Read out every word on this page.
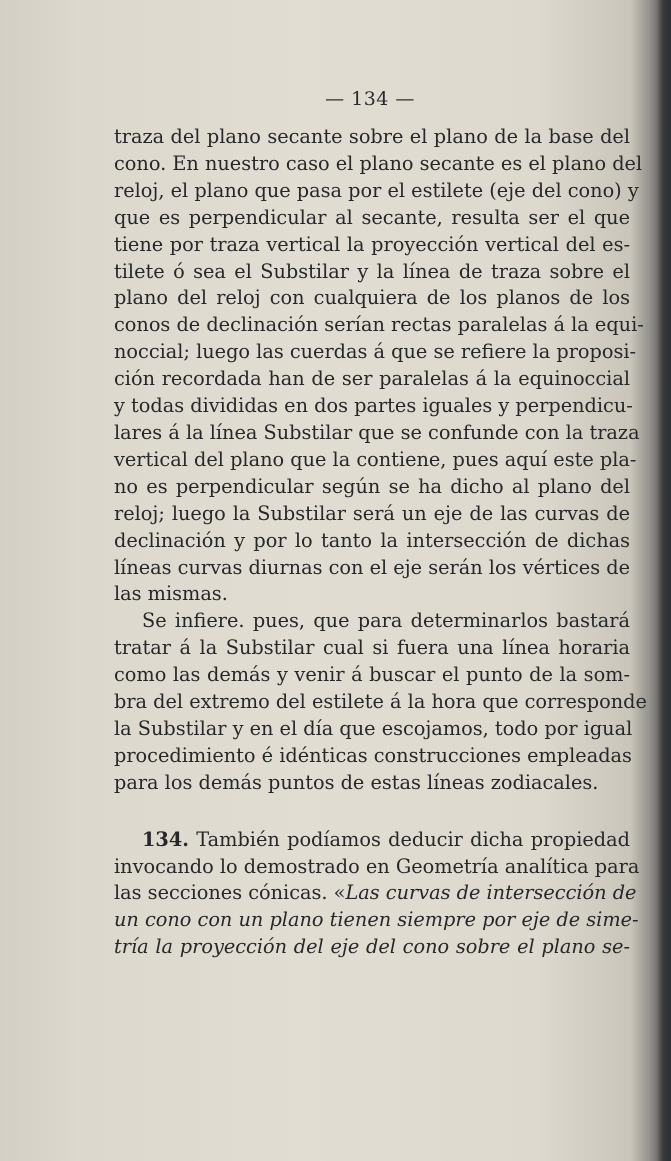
— 134 —
traza del plano secante sobre el plano de la base del
cono. En nuestro caso el plano secante es el plano del
reloj, el plano que pasa por el estilete (eje del cono) y
que es perpendicular al secante, resulta ser el que
tiene por traza vertical la proyección vertical del es-
tilete ó sea el Substilar y la línea de traza sobre el
plano del reloj con cualquiera de los planos de los
conos de declinación serían rectas paralelas á la equi-
noccial; luego las cuerdas á que se refiere la proposi-
ción recordada han de ser paralelas á la equinoccial
y todas divididas en dos partes iguales y perpendicu-
lares á la línea Substilar que se confunde con la traza
vertical del plano que la contiene, pues aquí este pla-
no es perpendicular según se ha dicho al plano del
reloj; luego la Substilar será un eje de las curvas de
declinación y por lo tanto la intersección de dichas
líneas curvas diurnas con el eje serán los vértices de
las mismas.
Se infiere. pues, que para determinarlos bastará
tratar á la Substilar cual si fuera una línea horaria
como las demás y venir á buscar el punto de la som-
bra del extremo del estilete á la hora que corresponde
la Substilar y en el día que escojamos, todo por igual
procedimiento é idénticas construcciones empleadas
para los demás puntos de estas líneas zodiacales.
134. También podíamos deducir dicha propiedad
invocando lo demostrado en Geometría analítica para
las secciones cónicas. «Las curvas de intersección de
un cono con un plano tienen siempre por eje de sime-
tría la proyección del eje del cono sobre el plano se-
